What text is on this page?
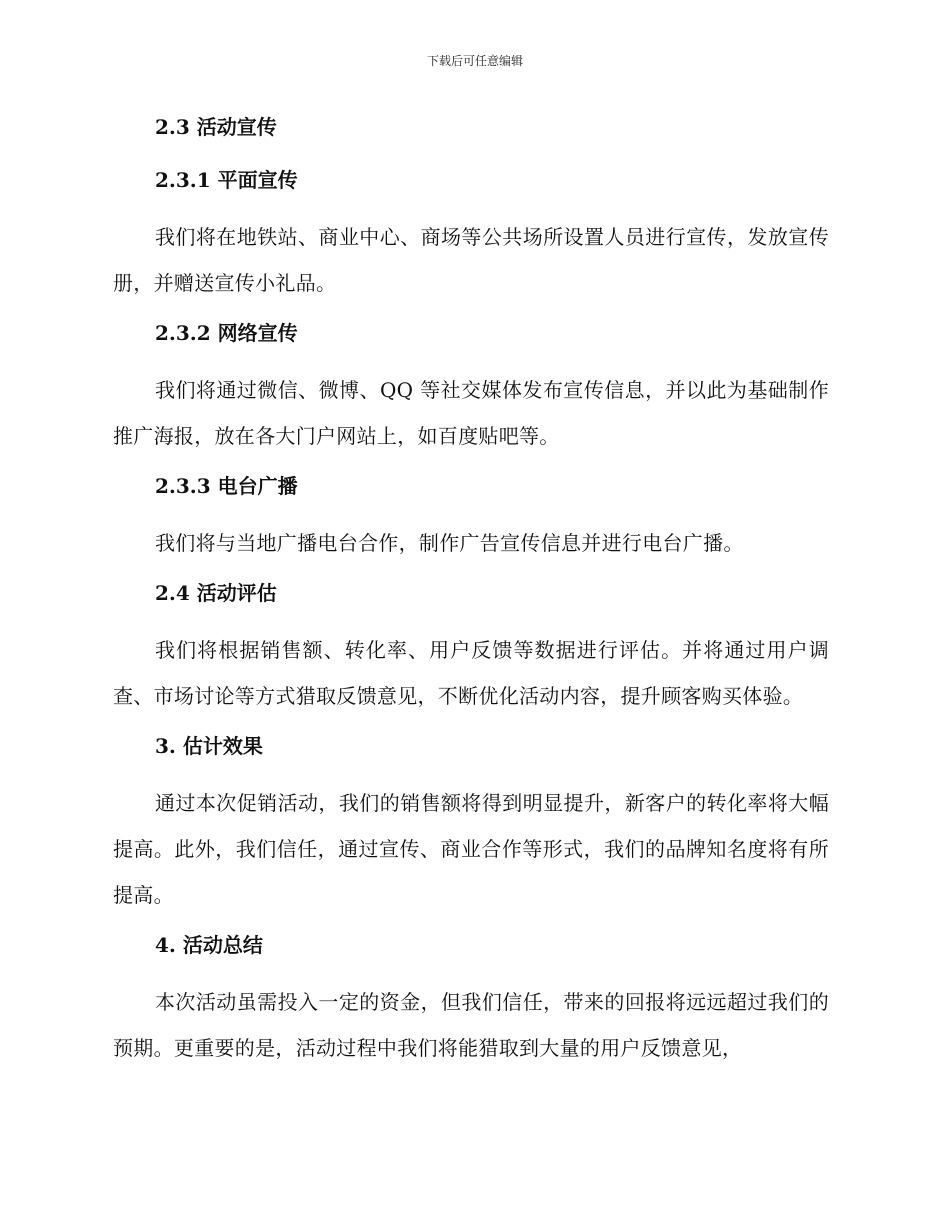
下载后可任意编辑
2.3 活动宣传
2.3.1 平面宣传
我们将在地铁站、商业中心、商场等公共场所设置人员进行宣传，发放宣传册，并赠送宣传小礼品。
2.3.2 网络宣传
我们将通过微信、微博、QQ 等社交媒体发布宣传信息，并以此为基础制作推广海报，放在各大门户网站上，如百度贴吧等。
2.3.3 电台广播
我们将与当地广播电台合作，制作广告宣传信息并进行电台广播。
2.4 活动评估
我们将根据销售额、转化率、用户反馈等数据进行评估。并将通过用户调查、市场讨论等方式猎取反馈意见，不断优化活动内容，提升顾客购买体验。
3. 估计效果
通过本次促销活动，我们的销售额将得到明显提升，新客户的转化率将大幅提高。此外，我们信任，通过宣传、商业合作等形式，我们的品牌知名度将有所提高。
4. 活动总结
本次活动虽需投入一定的资金，但我们信任，带来的回报将远远超过我们的预期。更重要的是，活动过程中我们将能猎取到大量的用户反馈意见，
